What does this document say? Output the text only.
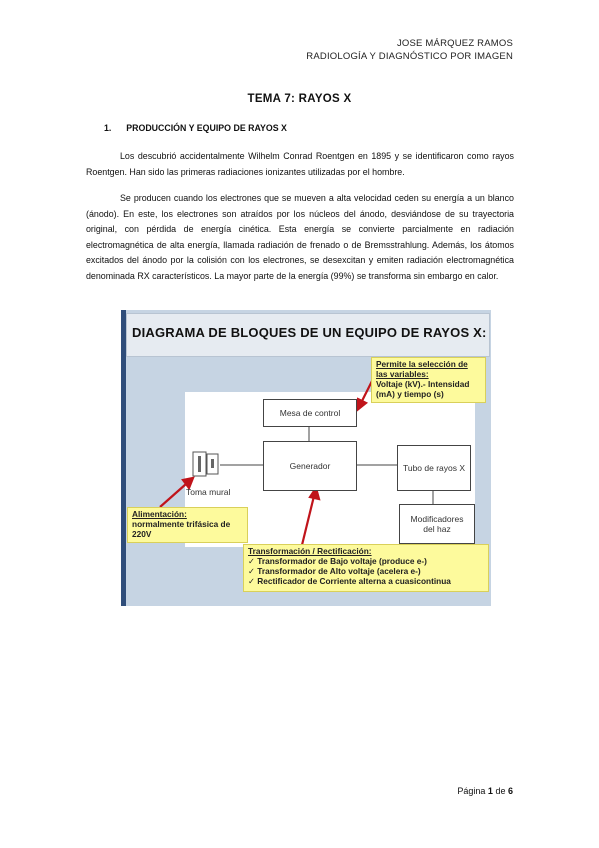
JOSE MÁRQUEZ RAMOS
RADIOLOGÍA Y DIAGNÓSTICO POR IMAGEN
TEMA 7: RAYOS X
1. PRODUCCIÓN Y EQUIPO DE RAYOS X

Los descubrió accidentalmente Wilhelm Conrad Roentgen en 1895 y se identificaron como rayos Roentgen. Han sido las primeras radiaciones ionizantes utilizadas por el hombre.

Se producen cuando los electrones que se mueven a alta velocidad ceden su energía a un blanco (ánodo). En este, los electrones son atraídos por los núcleos del ánodo, desviándose de su trayectoria original, con pérdida de energía cinética. Esta energía se convierte parcialmente en radiación electromagnética de alta energía, llamada radiación de frenado o de Bremsstrahlung. Además, los átomos excitados del ánodo por la colisión con los electrones, se desexcitan y emiten radiación electromagnética denominada RX característicos. La mayor parte de la energía (99%) se transforma sin embargo en calor.

DIAGRAMA DE BLOQUES DE UN EQUIPO DE RAYOS X:
Mesa de control
Generador	Tubo de rayos X
Modificadores del haz
Toma mural
Permite la selección de las variables:
Voltaje (kV).- Intensidad (mA) y tiempo (s)
Alimentación:
normalmente trifásica de 220V
Transformación / Rectificación:
✓ Transformador de Bajo voltaje (produce e-)
✓ Transformador de Alto voltaje (acelera e-)
✓ Rectificador de Corriente alterna a cuasicontinua
Página 1 de 6
